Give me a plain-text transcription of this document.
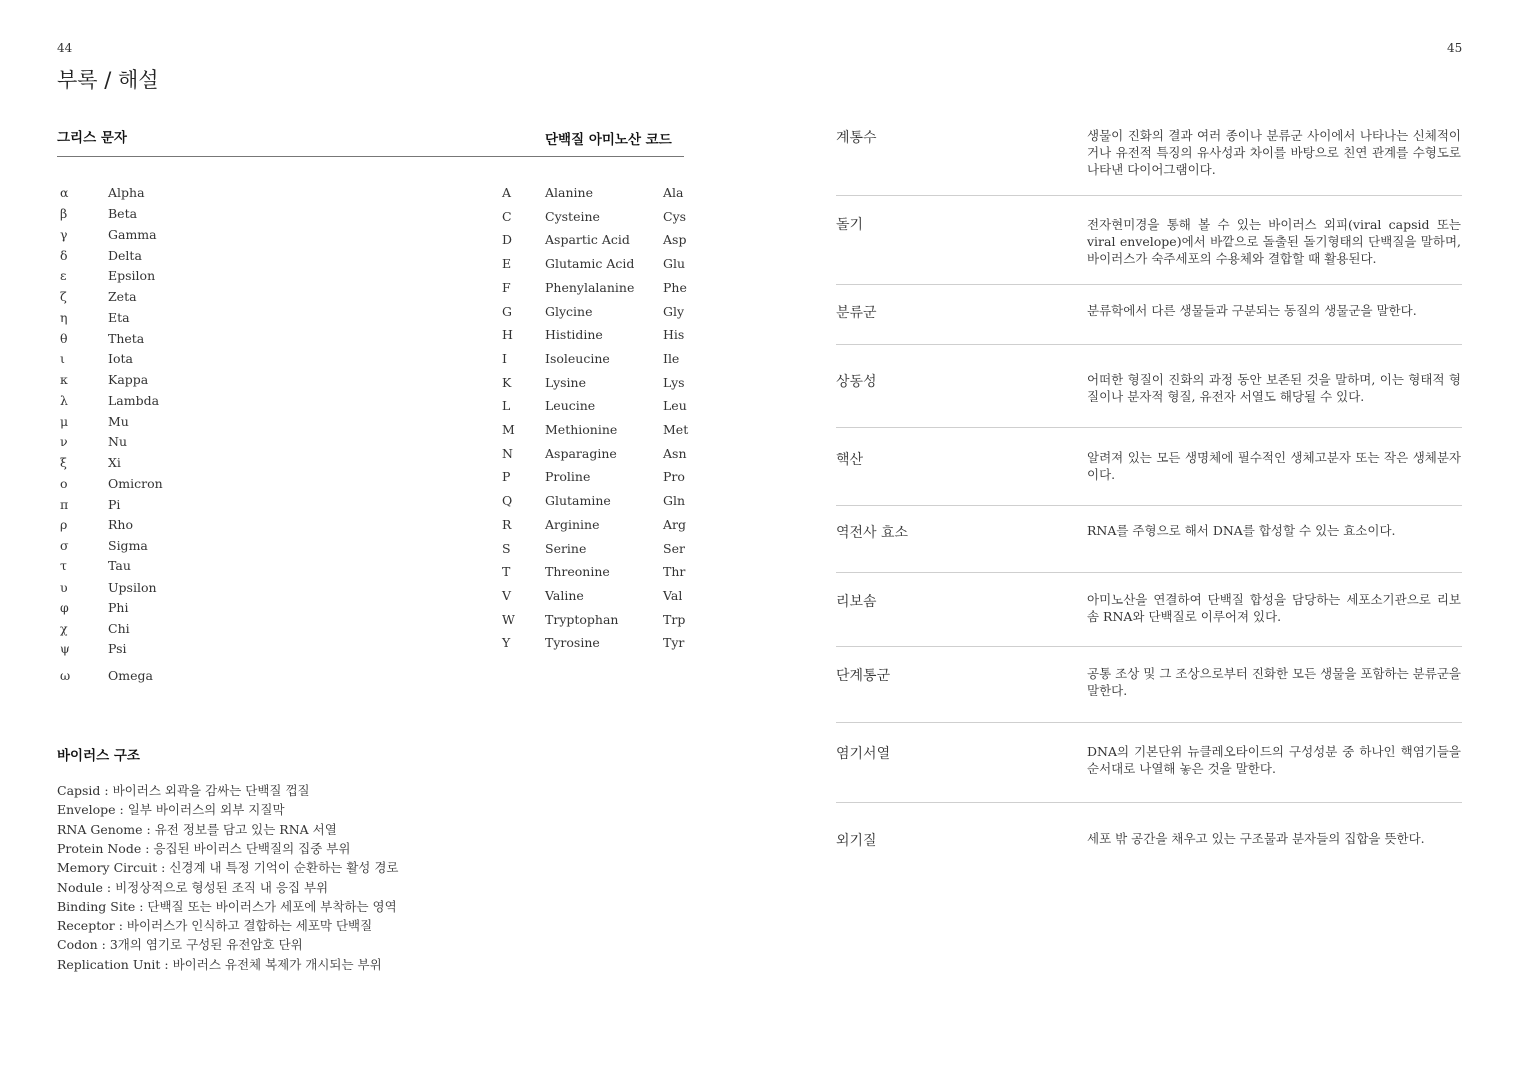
44	45
부록 / 해설
그리스 문자	단백질 아미노산 코드
α	Alpha
β	Beta
γ	Gamma
δ	Delta
ε	Epsilon
ζ	Zeta
η	Eta
θ	Theta
ι	Iota
κ	Kappa
λ	Lambda
μ	Mu
ν	Nu
ξ	Xi
ο	Omicron
π	Pi
ρ	Rho
σ	Sigma
τ	Tau
υ	Upsilon
φ	Phi
χ	Chi
ψ	Psi
ω	Omega
A	Alanine	Ala
C	Cysteine	Cys
D	Aspartic Acid	Asp
E	Glutamic Acid Glu
F	Phenylalanine Phe
G	Glycine	Gly
H	Histidine	His
I	Isoleucine	Ile
K	Lysine	Lys
L	Leucine	Leu
M Methionine	Met
N	Asparagine	Asn
P	Proline	Pro
Q	Glutamine	Gln
R	Arginine	Arg
S	Serine	Ser
T	Threonine	Thr
V	Valine	Val
W Tryptophan	Trp
Y	Tyrosine	Tyr
바이러스 구조
Capsid : 바이러스 외곽을 감싸는 단백질 껍질
Envelope : 일부 바이러스의 외부 지질막
RNA Genome : 유전 정보를 담고 있는 RNA 서열
Protein Node : 응집된 바이러스 단백질의 집중 부위
Memory Circuit : 신경계 내 특정 기억이 순환하는 활성 경로
Nodule : 비정상적으로 형성된 조직 내 응집 부위
Binding Site : 단백질 또는 바이러스가 세포에 부착하는 영역
Receptor : 바이러스가 인식하고 결합하는 세포막 단백질
Codon : 3개의 염기로 구성된 유전암호 단위
Replication Unit : 바이러스 유전체 복제가 개시되는 부위
계통수	생물이 진화의 결과 여러 종이나 분류군 사이에서 나타나는 신체적이거나 유전적 특징의 유사성과 차이를 바탕으로 친연 관계를 수형도로 나타낸 다이어그램이다.
돌기	전자현미경을 통해 볼 수 있는 바이러스 외피(viral capsid 또는 viral envelope)에서 바깥으로 돌출된 돌기형태의 단백질을 말하며, 바이러스가 숙주세포의 수용체와 결합할 때 활용된다.
분류군	분류학에서 다른 생물들과 구분되는 동질의 생물군을 말한다.
상동성	어떠한 형질이 진화의 과정 동안 보존된 것을 말하며, 이는 형태적 형질이나 분자적 형질, 유전자 서열도 해당될 수 있다.
핵산	알려져 있는 모든 생명체에 필수적인 생체고분자 또는 작은 생체분자이다.
역전사 효소	RNA를 주형으로 해서 DNA를 합성할 수 있는 효소이다.
리보솜	아미노산을 연결하여 단백질 합성을 담당하는 세포소기관으로 리보솜 RNA와 단백질로 이루어져 있다.
단계통군	공통 조상 및 그 조상으로부터 진화한 모든 생물을 포함하는 분류군을 말한다.
염기서열	DNA의 기본단위 뉴클레오타이드의 구성성분 중 하나인 핵염기들을 순서대로 나열해 놓은 것을 말한다.
외기질	세포 밖 공간을 채우고 있는 구조물과 분자들의 집합을 뜻한다.
